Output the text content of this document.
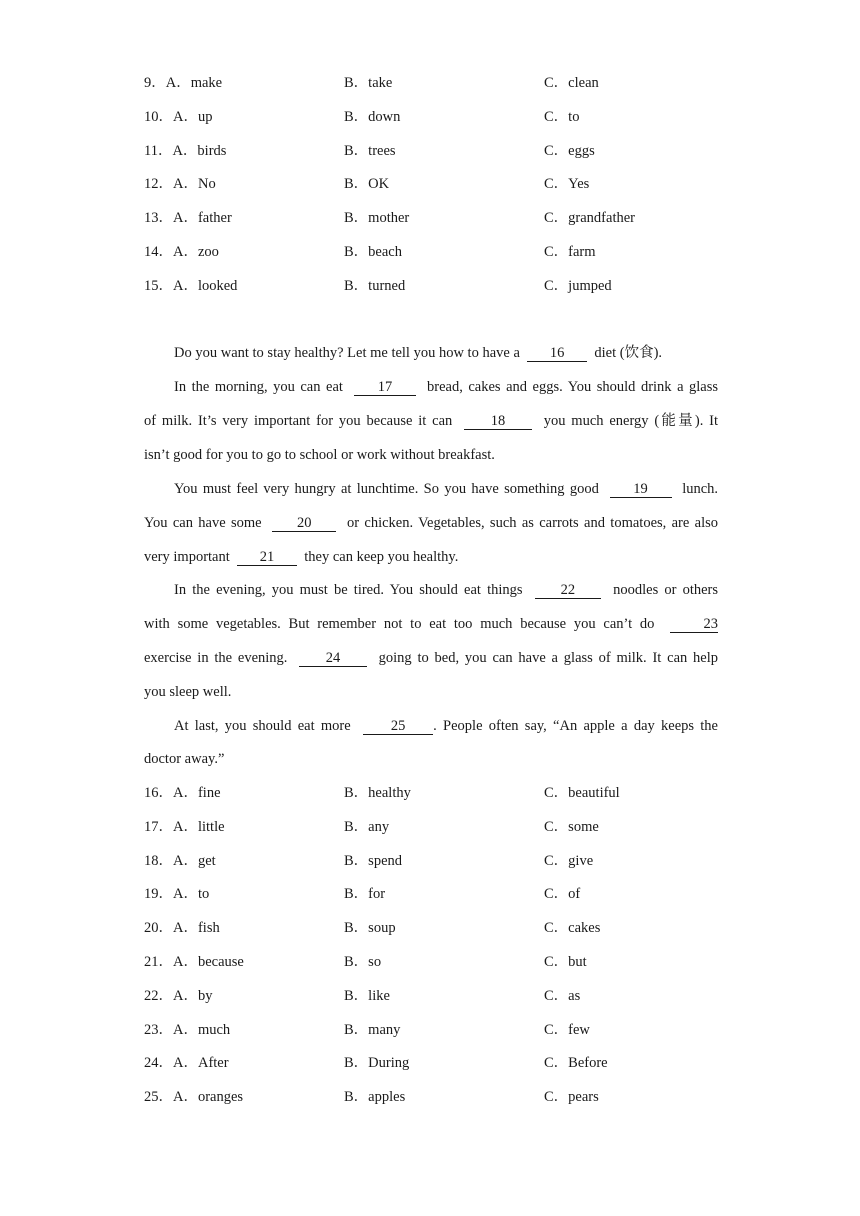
9．A．make	B．take	C．clean
10．A．up	B．down	C．to
11．A．birds	B．trees	C．eggs
12．A．No	B．OK	C．Yes
13．A．father	B．mother	C．grandfather
14．A．zoo	B．beach	C．farm
15．A．looked	B．turned	C．jumped
Do you want to stay healthy? Let me tell you how to have a 16 diet (饮食).
In the morning, you can eat 17 bread, cakes and eggs. You should drink a glass
of milk. It’s very important for you because it can	18	you much energy (能量). It
isn’t good for you to go to school or work without breakfast.
You must feel very hungry at lunchtime. So you have something good 19 lunch.
You can have some 20 or chicken. Vegetables, such as carrots and tomatoes, are also
very important 21 they can keep you healthy.
In the evening, you must be tired. You should eat things	22	noodles or others
with some vegetables. But remember not to eat too much because you can’t do	23
exercise in the evening.	24	going to bed, you can have a glass of milk. It can help
you sleep well.
At last, you should eat more	25 . People often say, “An apple a day keeps the
doctor away.”
16．A．fine	B．healthy	C．beautiful
17．A．little	B．any	C．some
18．A．get	B．spend	C．give
19．A．to	B．for	C．of
20．A．fish	B．soup	C．cakes
21．A．because	B．so	C．but
22．A．by	B．like	C．as
23．A．much	B．many	C．few
24．A．After	B．During	C．Before
25．A．oranges	B．apples	C．pears
